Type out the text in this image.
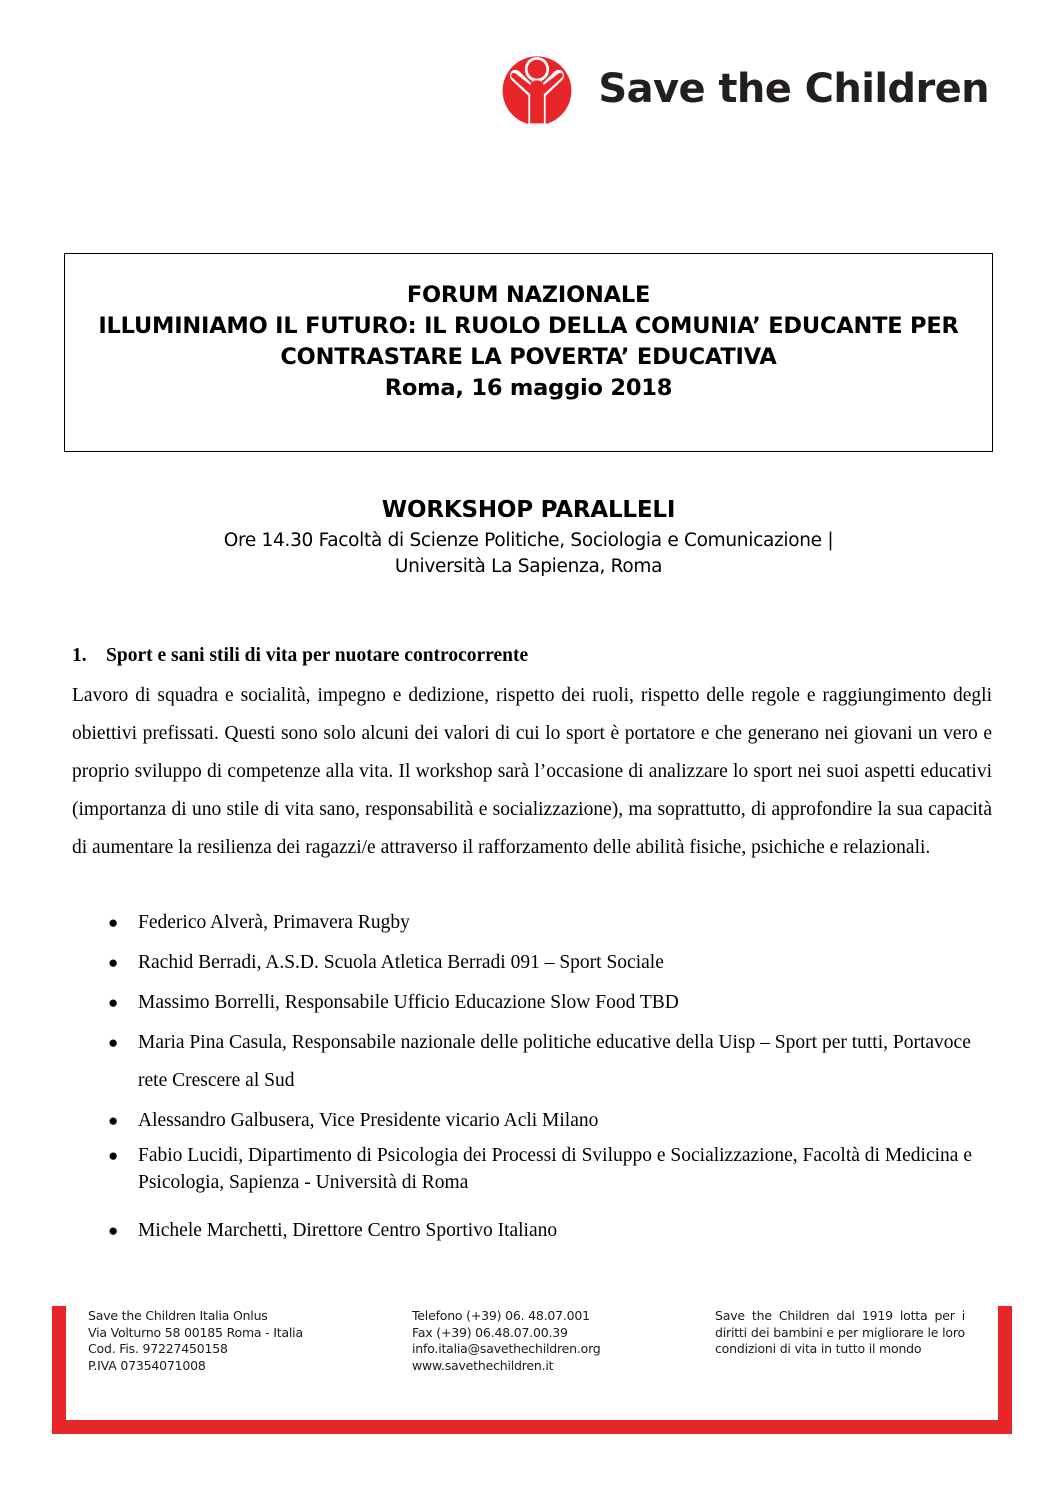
Save the Children
FORUM NAZIONALE
ILLUMINIAMO IL FUTURO: IL RUOLO DELLA COMUNIA’ EDUCANTE PER
CONTRASTARE LA POVERTA’ EDUCATIVA
Roma, 16 maggio 2018
WORKSHOP PARALLELI
Ore 14.30 Facoltà di Scienze Politiche, Sociologia e Comunicazione |
Università La Sapienza, Roma
1. Sport e sani stili di vita per nuotare controcorrente

Lavoro di squadra e socialità, impegno e dedizione, rispetto dei ruoli, rispetto delle regole e raggiungimento degli obiettivi prefissati. Questi sono solo alcuni dei valori di cui lo sport è portatore e che generano nei giovani un vero e proprio sviluppo di competenze alla vita. Il workshop sarà l’occasione di analizzare lo sport nei suoi aspetti educativi (importanza di uno stile di vita sano, responsabilità e socializzazione), ma soprattutto, di approfondire la sua capacità di aumentare la resilienza dei ragazzi/e attraverso il rafforzamento delle abilità fisiche, psichiche e relazionali.

● Federico Alverà, Primavera Rugby
● Rachid Berradi, A.S.D. Scuola Atletica Berradi 091 – Sport Sociale
● Massimo Borrelli, Responsabile Ufficio Educazione Slow Food TBD
● Maria Pina Casula, Responsabile nazionale delle politiche educative della Uisp – Sport per tutti, Portavoce rete Crescere al Sud
● Alessandro Galbusera, Vice Presidente vicario Acli Milano
● Fabio Lucidi, Dipartimento di Psicologia dei Processi di Sviluppo e Socializzazione, Facoltà di Medicina e Psicologia, Sapienza - Università di Roma
● Michele Marchetti, Direttore Centro Sportivo Italiano
Save the Children Italia Onlus
Via Volturno 58 00185 Roma - Italia
Cod. Fis. 97227450158
P.IVA 07354071008
Telefono (+39) 06. 48.07.001
Fax (+39) 06.48.07.00.39
info.italia@savethechildren.org
www.savethechildren.it
Save the Children dal 1919 lotta per i diritti dei bambini e per migliorare le loro condizioni di vita in tutto il mondo
